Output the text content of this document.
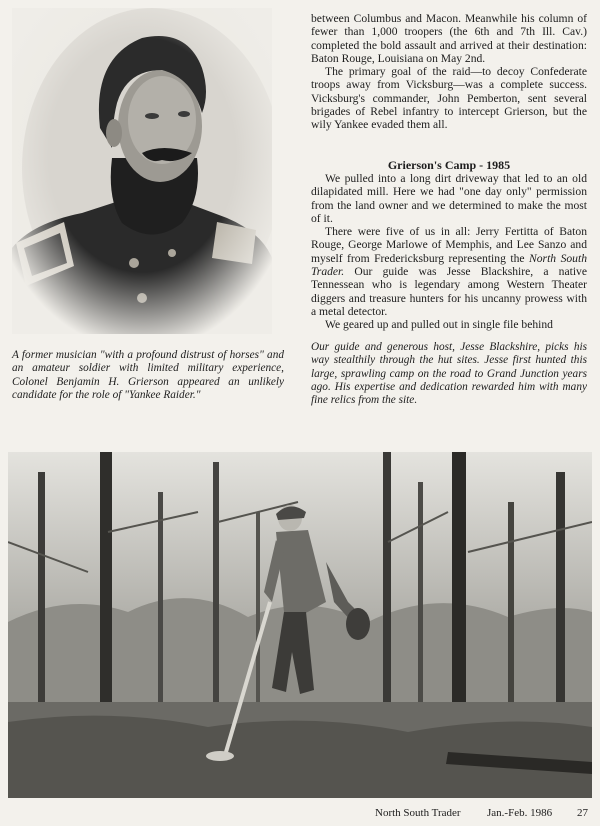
between Columbus and Macon. Meanwhile his column of fewer than 1,000 troopers (the 6th and 7th Ill. Cav.) completed the bold assault and arrived at their destination: Baton Rouge, Louisiana on May 2nd.

The primary goal of the raid—to decoy Confederate troops away from Vicksburg—was a complete success. Vicksburg's commander, John Pemberton, sent several brigades of Rebel infantry to intercept Grierson, but the wily Yankee evaded them all.

Grierson's Camp - 1985

We pulled into a long dirt driveway that led to an old dilapidated mill. Here we had "one day only" permission from the land owner and we determined to make the most of it.

There were five of us in all: Jerry Fertitta of Baton Rouge, George Marlowe of Memphis, and Lee Sanzo and myself from Fredericksburg representing the North South Trader. Our guide was Jesse Blackshire, a native Tennessean who is legendary among Western Theater diggers and treasure hunters for his uncanny prowess with a metal detector.

We geared up and pulled out in single file behind

A former musician "with a profound distrust of horses" and an amateur soldier with limited military experience, Colonel Benjamin H. Grierson appeared an unlikely candidate for the role of "Yankee Raider."
Our guide and generous host, Jesse Blackshire, picks his way stealthily through the hut sites. Jesse first hunted this large, sprawling camp on the road to Grand Junction years ago. His expertise and dedication rewarded him with many fine relics from the site.
North South Trader Jan.-Feb. 1986 27
